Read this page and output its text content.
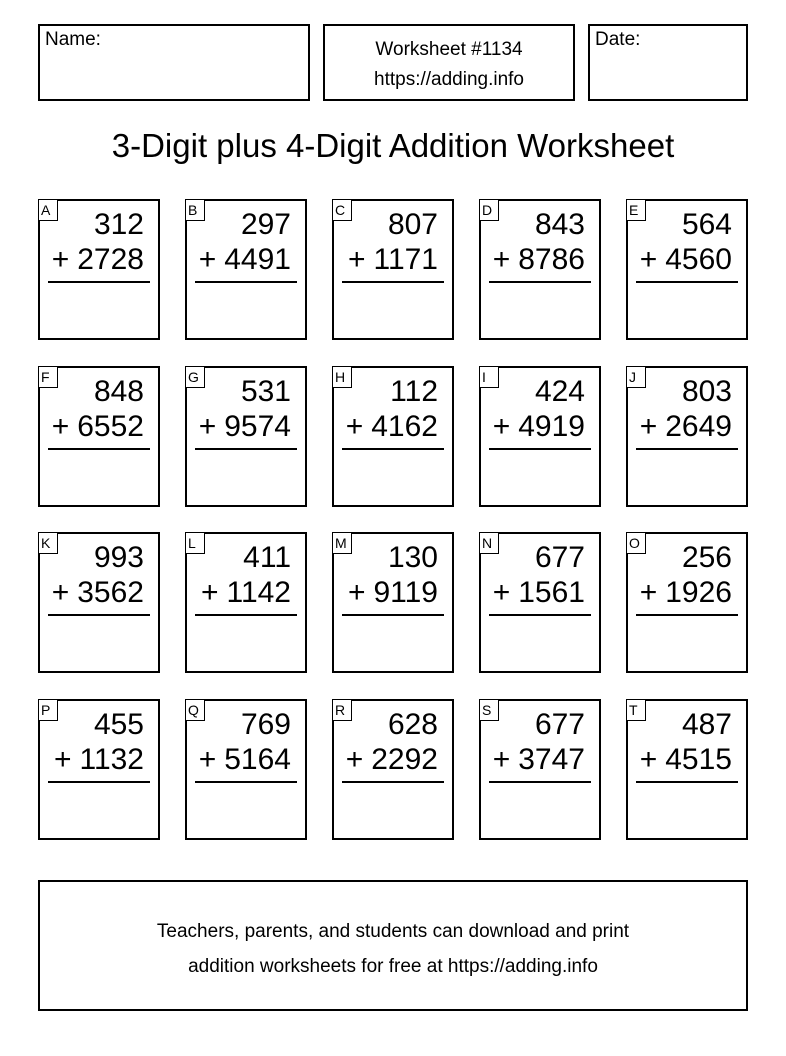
Name:	Worksheet #1134
https://adding.info
Date:
3-Digit plus 4-Digit Addition Worksheet
A 312
+ 2728
B 297
+ 4491
C 807
+ 1171
D 843
+ 8786
E 564
+ 4560
F 848
+ 6552
G 531
+ 9574
H 112
+ 4162
I	424
+ 4919
J	803
+ 2649
K 993
+ 3562
L	411
+ 1142
M 130
+ 9119
N 677
+ 1561
O 256
+ 1926
P 455
+ 1132
Q 769
+ 5164
R 628
+ 2292
S 677
+ 3747
T 487
+ 4515
Teachers, parents, and students can download and print
addition worksheets for free at https://adding.info
